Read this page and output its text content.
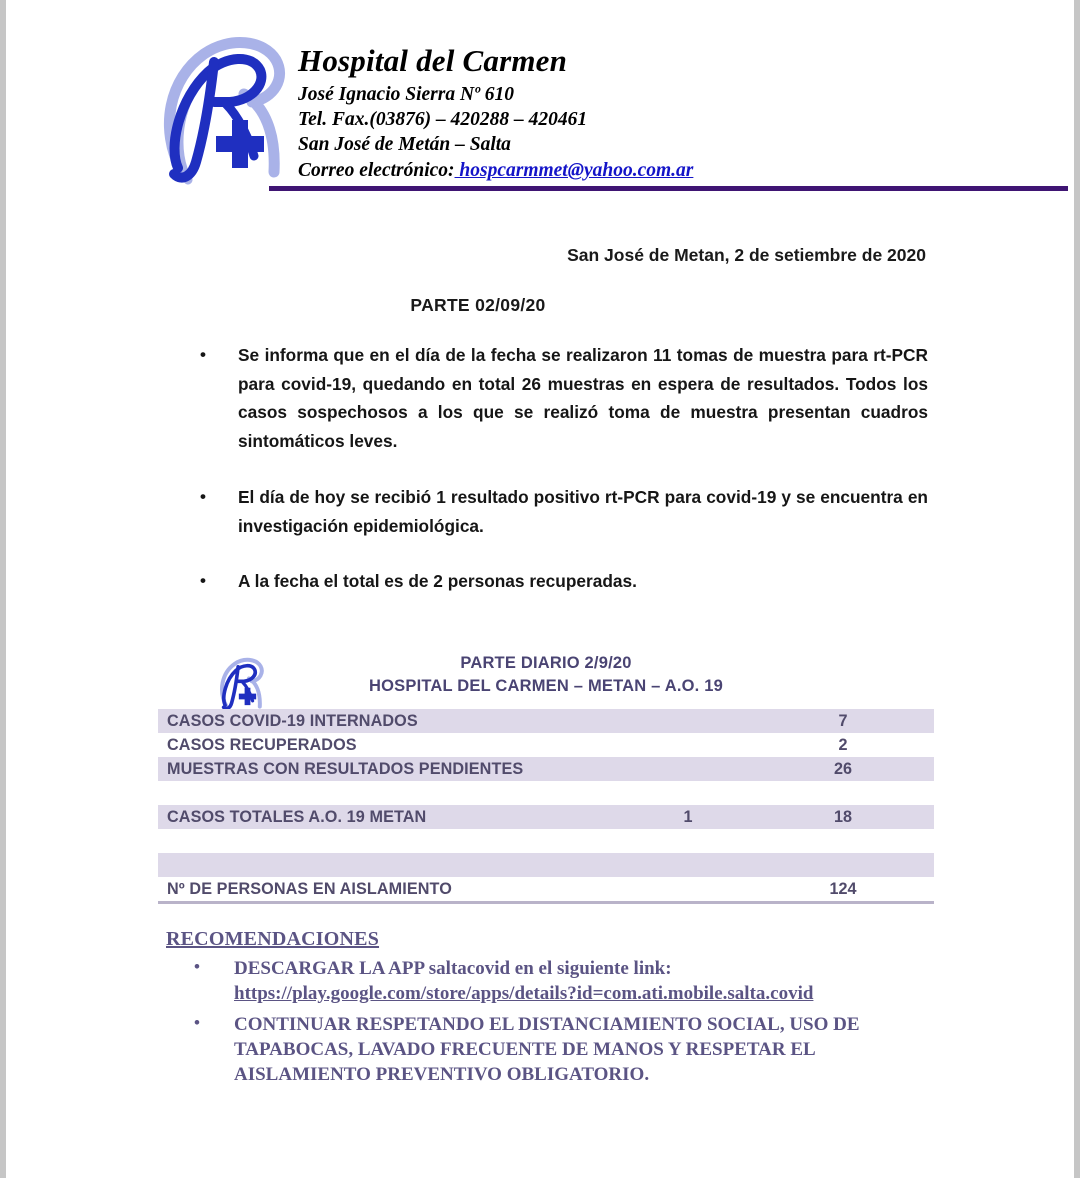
Hospital del Carmen
José Ignacio Sierra Nº 610
Tel. Fax.(03876) – 420288 – 420461
San José de Metán – Salta
Correo electrónico: hospcarmmet@yahoo.com.ar
San José de Metan, 2 de setiembre de 2020
PARTE 02/09/20
• Se informa que en el día de la fecha se realizaron 11 tomas de muestra para rt-PCR para covid-19, quedando en total 26 muestras en espera de resultados. Todos los casos sospechosos a los que se realizó toma de muestra presentan cuadros sintomáticos leves.
• El día de hoy se recibió 1 resultado positivo rt-PCR para covid-19 y se encuentra en investigación epidemiológica.
• A la fecha el total es de 2 personas recuperadas.
PARTE DIARIO 2/9/20
HOSPITAL DEL CARMEN – METAN – A.O. 19
CASOS COVID-19 INTERNADOS	7
CASOS RECUPERADOS	2
MUESTRAS CON RESULTADOS PENDIENTES	26
CASOS TOTALES A.O. 19 METAN	1	18
Nº DE PERSONAS EN AISLAMIENTO	124
RECOMENDACIONES
• DESCARGAR LA APP saltacovid en el siguiente link:
https://play.google.com/store/apps/details?id=com.ati.mobile.salta.covid
• CONTINUAR RESPETANDO EL DISTANCIAMIENTO SOCIAL, USO DE TAPABOCAS, LAVADO FRECUENTE DE MANOS Y RESPETAR EL AISLAMIENTO PREVENTIVO OBLIGATORIO.
